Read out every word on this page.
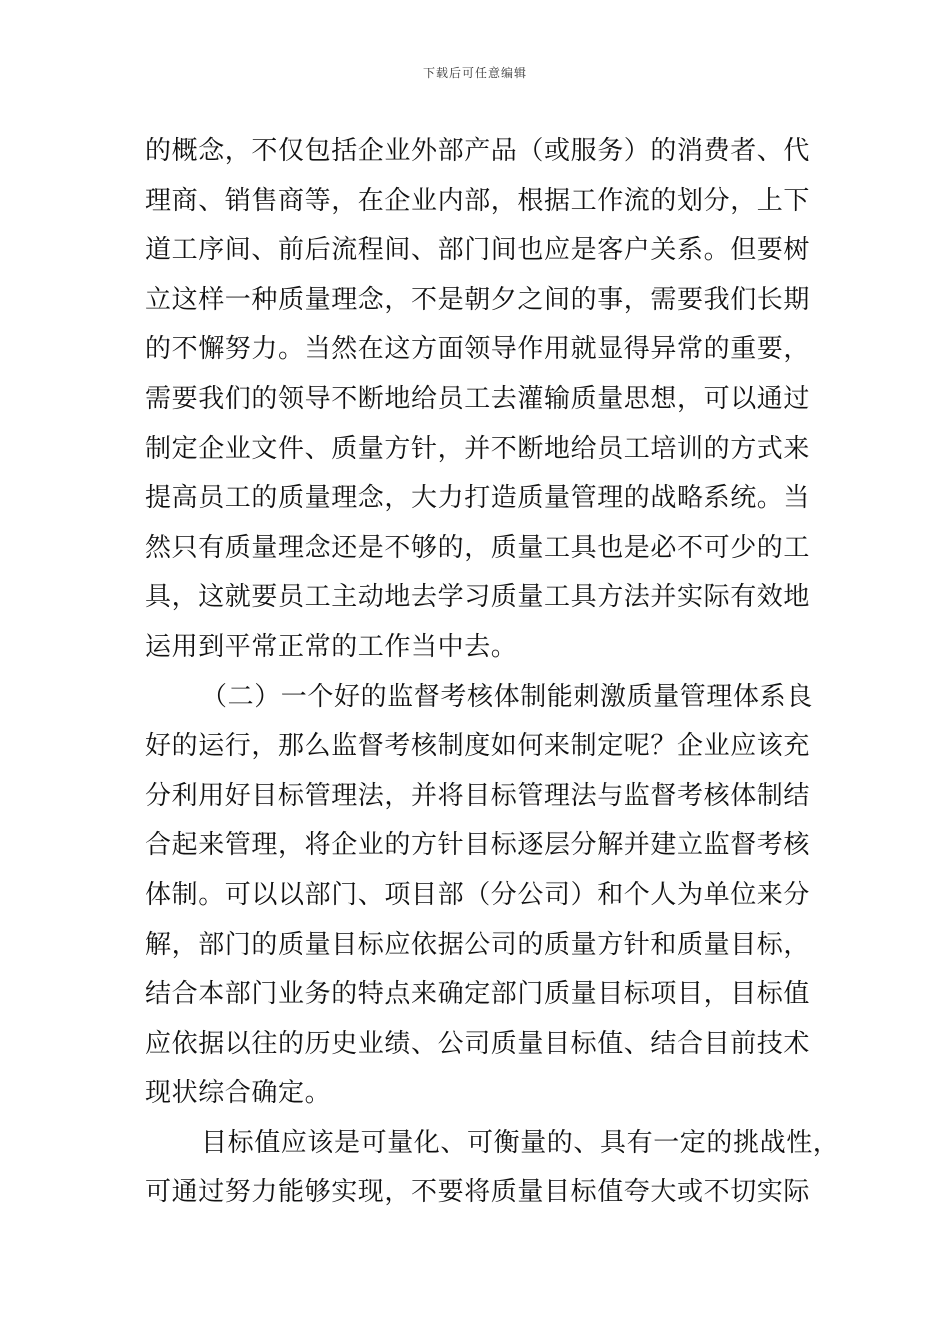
下载后可任意编辑
的概念，不仅包括企业外部产品（或服务）的消费者、代
理商、销售商等，在企业内部，根据工作流的划分，上下
道工序间、前后流程间、部门间也应是客户关系。但要树
立这样一种质量理念，不是朝夕之间的事，需要我们长期
的不懈努力。当然在这方面领导作用就显得异常的重要，
需要我们的领导不断地给员工去灌输质量思想，可以通过
制定企业文件、质量方针，并不断地给员工培训的方式来
提高员工的质量理念，大力打造质量管理的战略系统。当
然只有质量理念还是不够的，质量工具也是必不可少的工
具，这就要员工主动地去学习质量工具方法并实际有效地
运用到平常正常的工作当中去。
（二）一个好的监督考核体制能刺激质量管理体系良
好的运行，那么监督考核制度如何来制定呢？企业应该充
分利用好目标管理法，并将目标管理法与监督考核体制结
合起来管理，将企业的方针目标逐层分解并建立监督考核
体制。可以以部门、项目部（分公司）和个人为单位来分
解，部门的质量目标应依据公司的质量方针和质量目标，
结合本部门业务的特点来确定部门质量目标项目，目标值
应依据以往的历史业绩、公司质量目标值、结合目前技术
现状综合确定。
目标值应该是可量化、可衡量的、具有一定的挑战性，
可通过努力能够实现，不要将质量目标值夸大或不切实际
